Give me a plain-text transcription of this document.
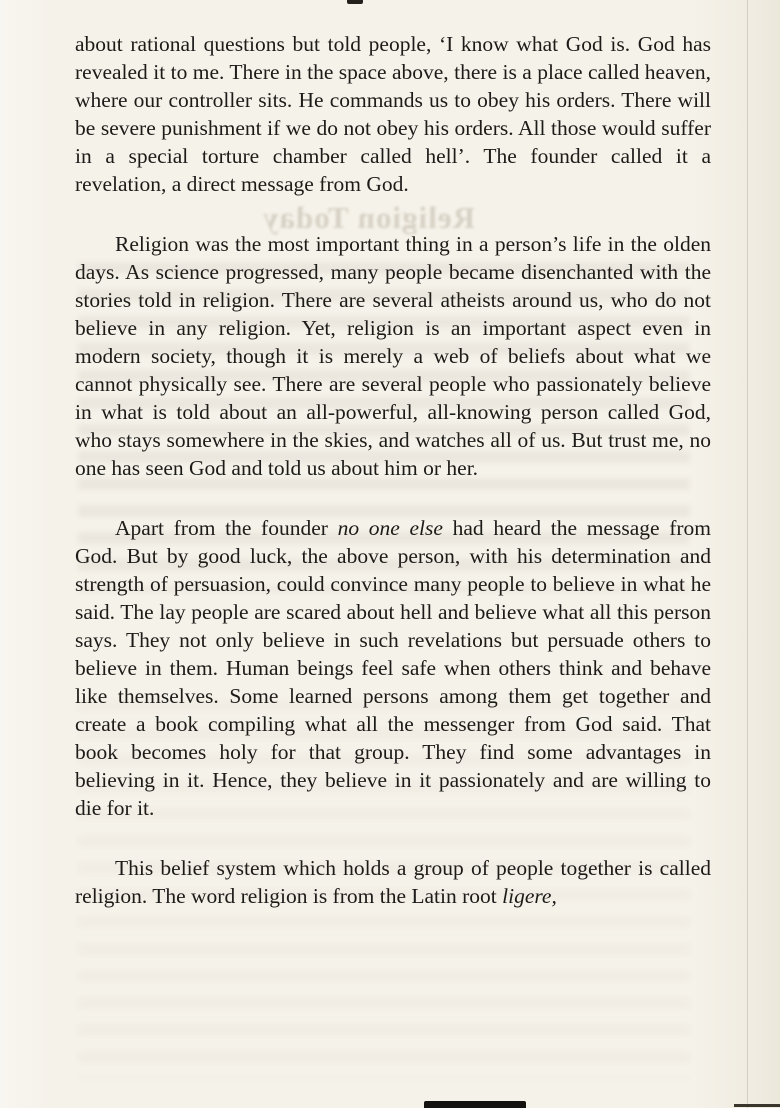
Religion Today

about rational questions but told people, ‘I know what God is. God has revealed it to me. There in the space above, there is a place called heaven, where our controller sits. He commands us to obey his orders. There will be severe punishment if we do not obey his orders. All those would suffer in a special torture chamber called hell’. The founder called it a revelation, a direct message from God.

Religion was the most important thing in a person’s life in the olden days. As science progressed, many people became disenchanted with the stories told in religion. There are several atheists around us, who do not believe in any religion. Yet, religion is an important aspect even in modern society, though it is merely a web of beliefs about what we cannot physically see. There are several people who passionately believe in what is told about an all-powerful, all-knowing person called God, who stays somewhere in the skies, and watches all of us. But trust me, no one has seen God and told us about him or her.

Apart from the founder no one else had heard the message from God. But by good luck, the above person, with his determination and strength of persuasion, could convince many people to believe in what he said. The lay people are scared about hell and believe what all this person says. They not only believe in such revelations but persuade others to believe in them. Human beings feel safe when others think and behave like themselves. Some learned persons among them get together and create a book compiling what all the messenger from God said. That book becomes holy for that group. They find some advantages in believing in it. Hence, they believe in it passionately and are willing to die for it.

This belief system which holds a group of people together is called religion. The word religion is from the Latin root ligere,
